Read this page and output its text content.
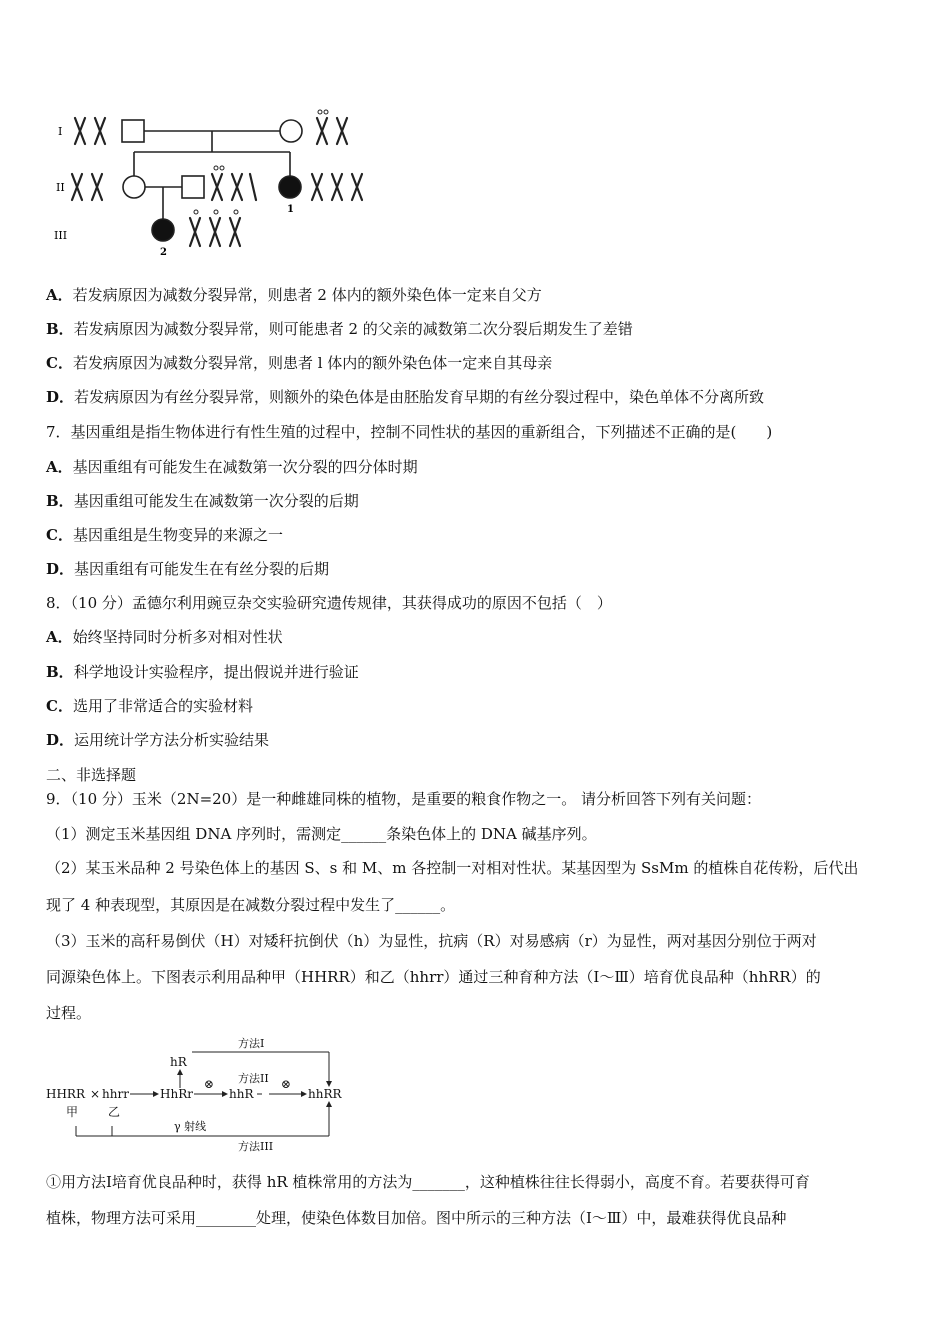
I
II
III
1
2
A．若发病原因为减数分裂异常，则患者 2 体内的额外染色体一定来自父方
B．若发病原因为减数分裂异常，则可能患者 2 的父亲的减数第二次分裂后期发生了差错
C．若发病原因为减数分裂异常，则患者 l 体内的额外染色体一定来自其母亲
D．若发病原因为有丝分裂异常，则额外的染色体是由胚胎发育早期的有丝分裂过程中，染色单体不分离所致
7．基因重组是指生物体进行有性生殖的过程中，控制不同性状的基因的重新组合，下列描述不正确的是(　　)
A．基因重组有可能发生在减数第一次分裂的四分体时期
B．基因重组可能发生在减数第一次分裂的后期
C．基因重组是生物变异的来源之一
D．基因重组有可能发生在有丝分裂的后期
8．（10 分）孟德尔利用豌豆杂交实验研究遗传规律，其获得成功的原因不包括（　）
A．始终坚持同时分析多对相对性状
B．科学地设计实验程序，提出假说并进行验证
C．选用了非常适合的实验材料
D．运用统计学方法分析实验结果
二、非选择题
9．（10 分）玉米（2N=20）是一种雌雄同株的植物，是重要的粮食作物之一。 请分析回答下列有关问题：
（1）测定玉米基因组 DNA 序列时，需测定______条染色体上的 DNA 碱基序列。
（2）某玉米品种 2 号染色体上的基因 S、s 和 M、m 各控制一对相对性状。某基因型为 SsMm 的植株自花传粉，后代出
现了 4 种表现型，其原因是在减数分裂过程中发生了______。
（3）玉米的高秆易倒伏（H）对矮秆抗倒伏（h）为显性，抗病（R）对易感病（r）为显性，两对基因分别位于两对
同源染色体上。下图表示利用品种甲（HHRR）和乙（hhrr）通过三种育种方法（Ⅰ～Ⅲ）培育优良品种（hhRR）的
过程。
HHRR × hhrr
甲 乙
HhRr
hR
hhR	hhRR
⊗	⊗
方法I
方法II
方法III
γ 射线
①用方法Ⅰ培育优良品种时，获得 hR 植株常用的方法为_______，这种植株往往长得弱小，高度不育。若要获得可育
植株，物理方法可采用________处理，使染色体数目加倍。图中所示的三种方法（Ⅰ～Ⅲ）中，最难获得优良品种
